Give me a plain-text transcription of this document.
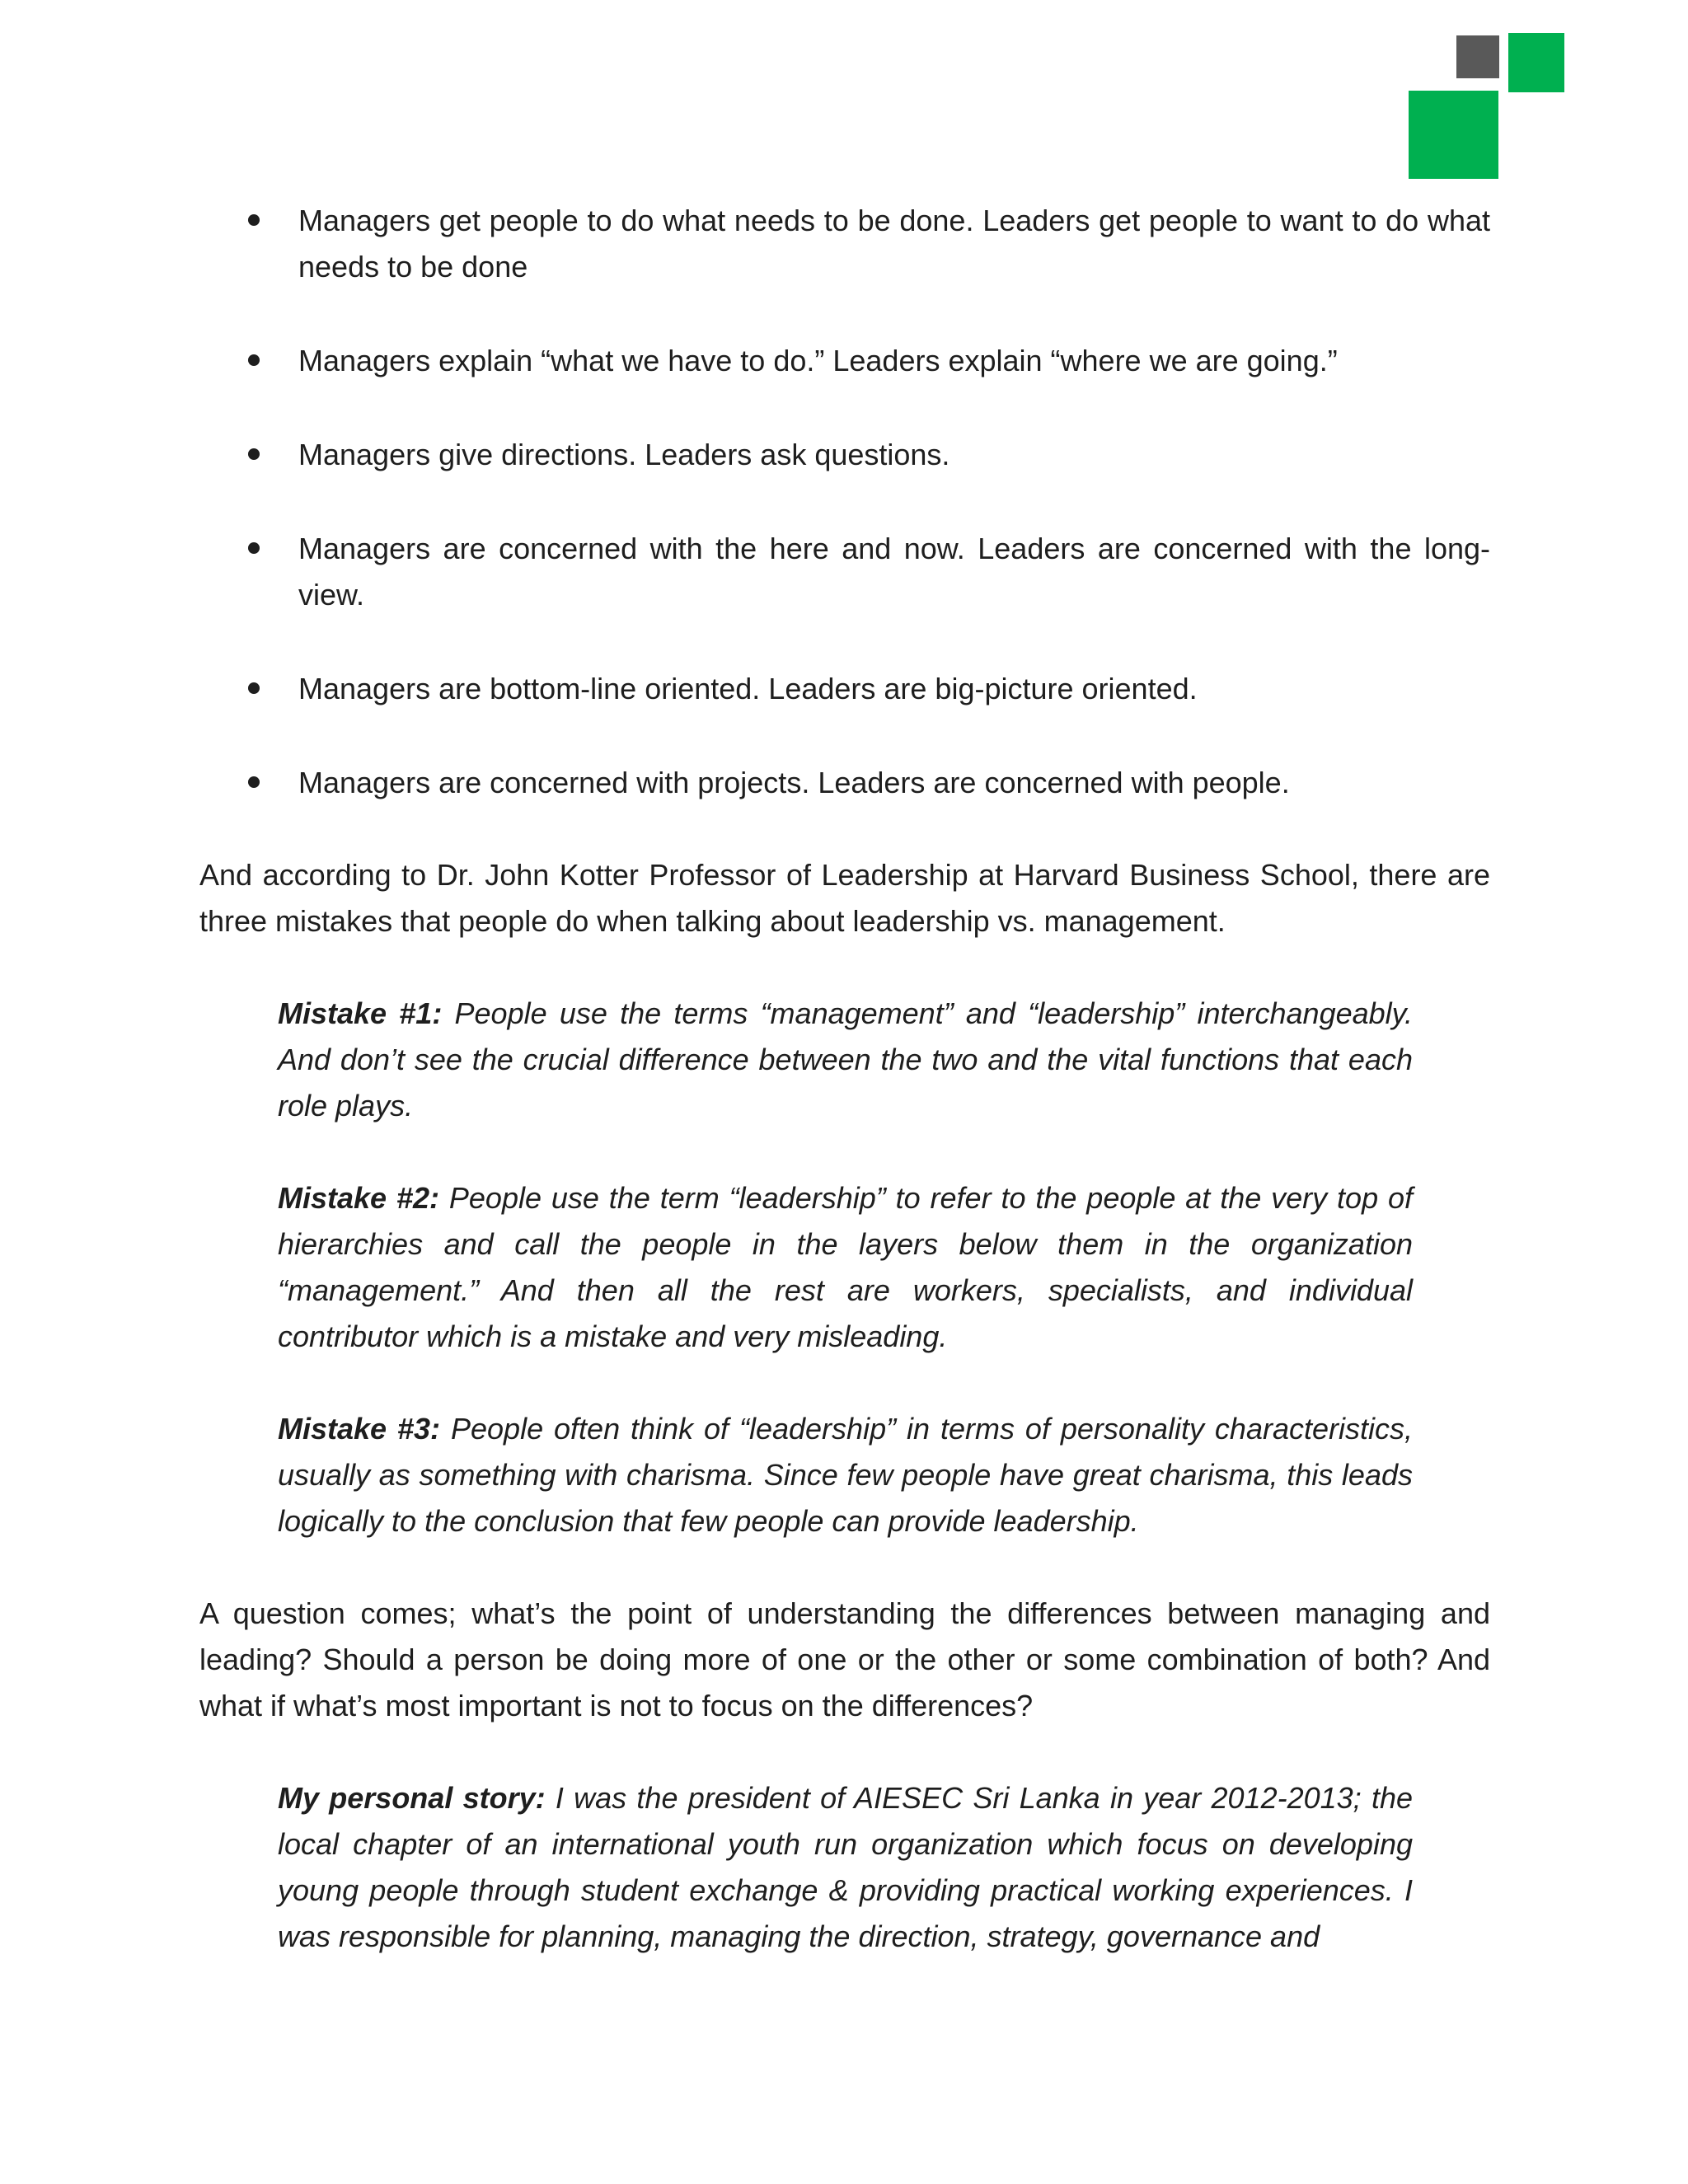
Managers get people to do what needs to be done. Leaders get people to want to do what needs to be done
Managers explain “what we have to do.” Leaders explain “where we are going.”
Managers give directions. Leaders ask questions.
Managers are concerned with the here and now. Leaders are concerned with the long-view.
Managers are bottom-line oriented. Leaders are big-picture oriented.
Managers are concerned with projects. Leaders are concerned with people.

And according to Dr. John Kotter Professor of Leadership at Harvard Business School, there are three mistakes that people do when talking about leadership vs. management.

Mistake #1: People use the terms “management” and “leadership” interchangeably. And don’t see the crucial difference between the two and the vital functions that each role plays.

Mistake #2: People use the term “leadership” to refer to the people at the very top of hierarchies and call the people in the layers below them in the organization “management.” And then all the rest are workers, specialists, and individual contributor which is a mistake and very misleading.

Mistake #3: People often think of “leadership” in terms of personality characteristics, usually as something with charisma. Since few people have great charisma, this leads logically to the conclusion that few people can provide leadership.

A question comes; what’s the point of understanding the differences between managing and leading? Should a person be doing more of one or the other or some combination of both? And what if what’s most important is not to focus on the differences?

My personal story: I was the president of AIESEC Sri Lanka in year 2012-2013; the local chapter of an international youth run organization which focus on developing young people through student exchange & providing practical working experiences. I was responsible for planning, managing the direction, strategy, governance and
